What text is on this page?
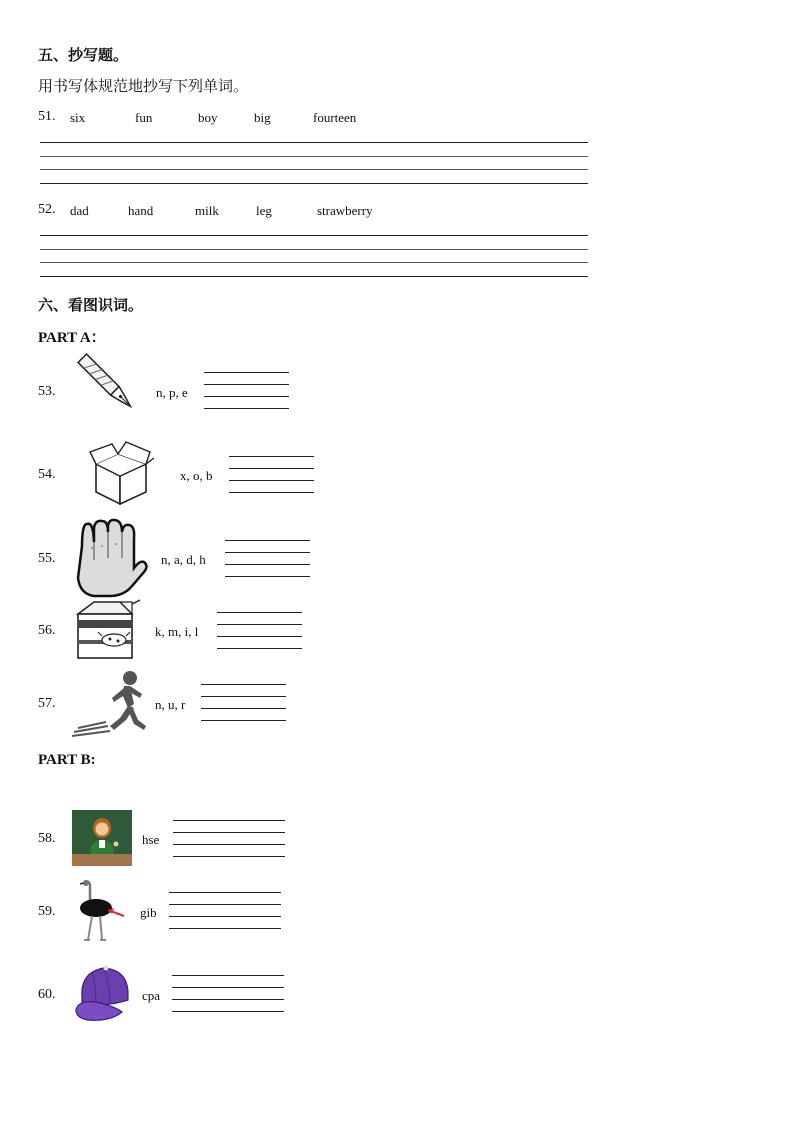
五、抄写题。
用书写体规范地抄写下列单词。
51. six	fun	boy	big	fourteen
52. dad	hand	milk	leg	strawberry
六、看图识词。
PART A：
53.	n, p, e
54.	x, o, b
55.	n, a, d, h
56.	k, m, i, l
57.	n, u, r
PART B:
58.	hse
59.	gib
60.	cpa
